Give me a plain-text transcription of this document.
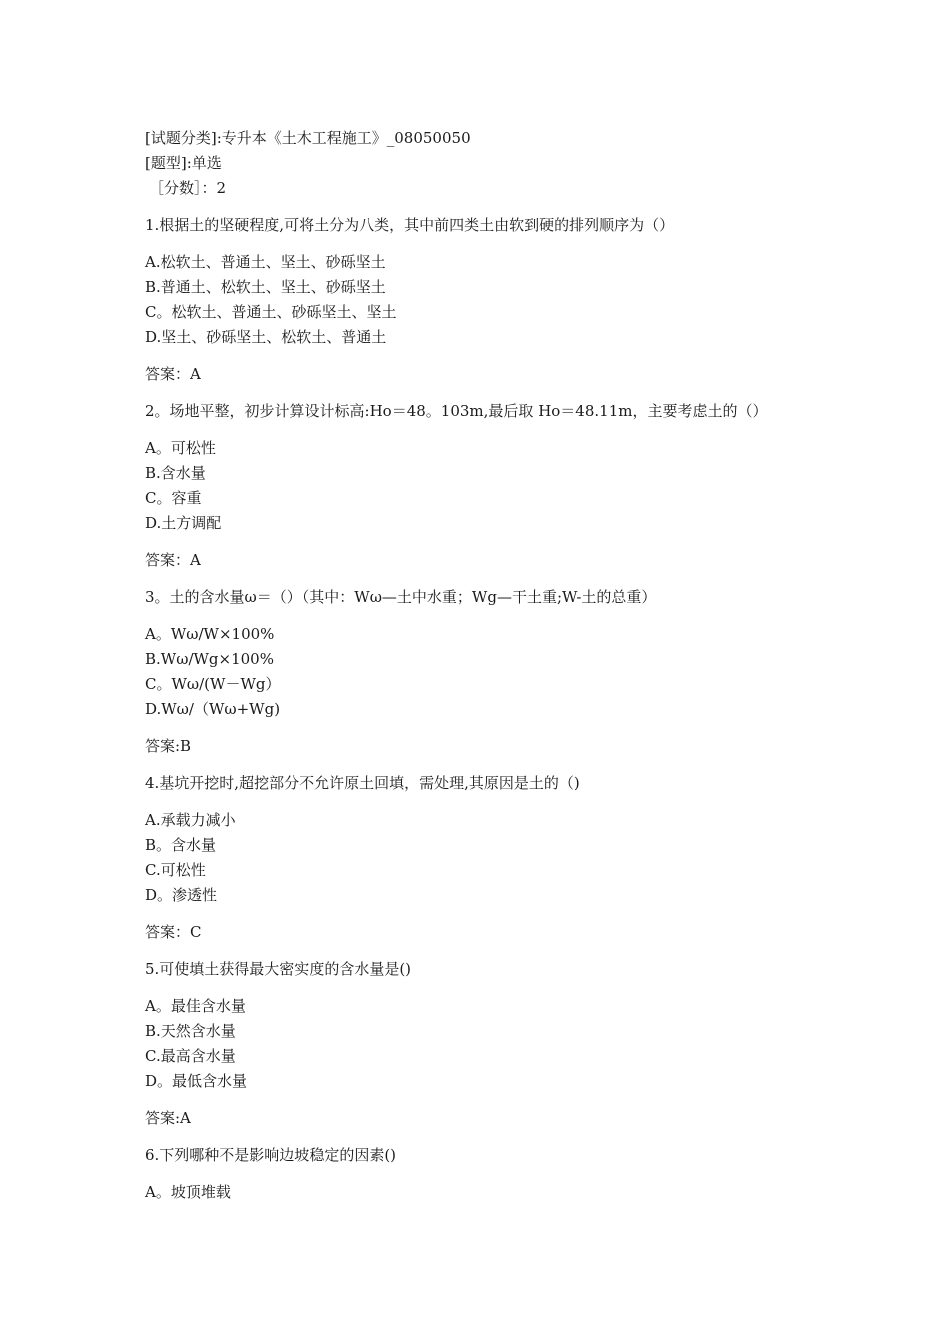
[试题分类]:专升本《土木工程施工》_08050050
[题型]:单选
［分数］：2
1.根据土的坚硬程度,可将土分为八类，其中前四类土由软到硬的排列顺序为（）
A.松软土、普通土、坚土、砂砾坚土
B.普通土、松软土、坚土、砂砾坚土
C。松软土、普通土、砂砾坚土、坚土
D.坚土、砂砾坚土、松软土、普通土
答案：A
2。场地平整，初步计算设计标高:Ho＝48。103m,最后取 Ho＝48.11m，主要考虑土的（）
A。可松性
B.含水量
C。容重
D.土方调配
答案：A
3。土的含水量ω＝（）（其中：Wω—土中水重；Wg—干土重;W-土的总重）
A。Wω/W×100%
B.Wω/Wg×100%
C。Wω/(W－Wg）
D.Wω/（Wω+Wg)
答案:B
4.基坑开挖时,超挖部分不允许原土回填，需处理,其原因是土的（)
A.承载力减小
B。含水量
C.可松性
D。渗透性
答案：C
5.可使填土获得最大密实度的含水量是()
A。最佳含水量
B.天然含水量
C.最高含水量
D。最低含水量
答案:A
6.下列哪种不是影响边坡稳定的因素()
A。坡顶堆载
